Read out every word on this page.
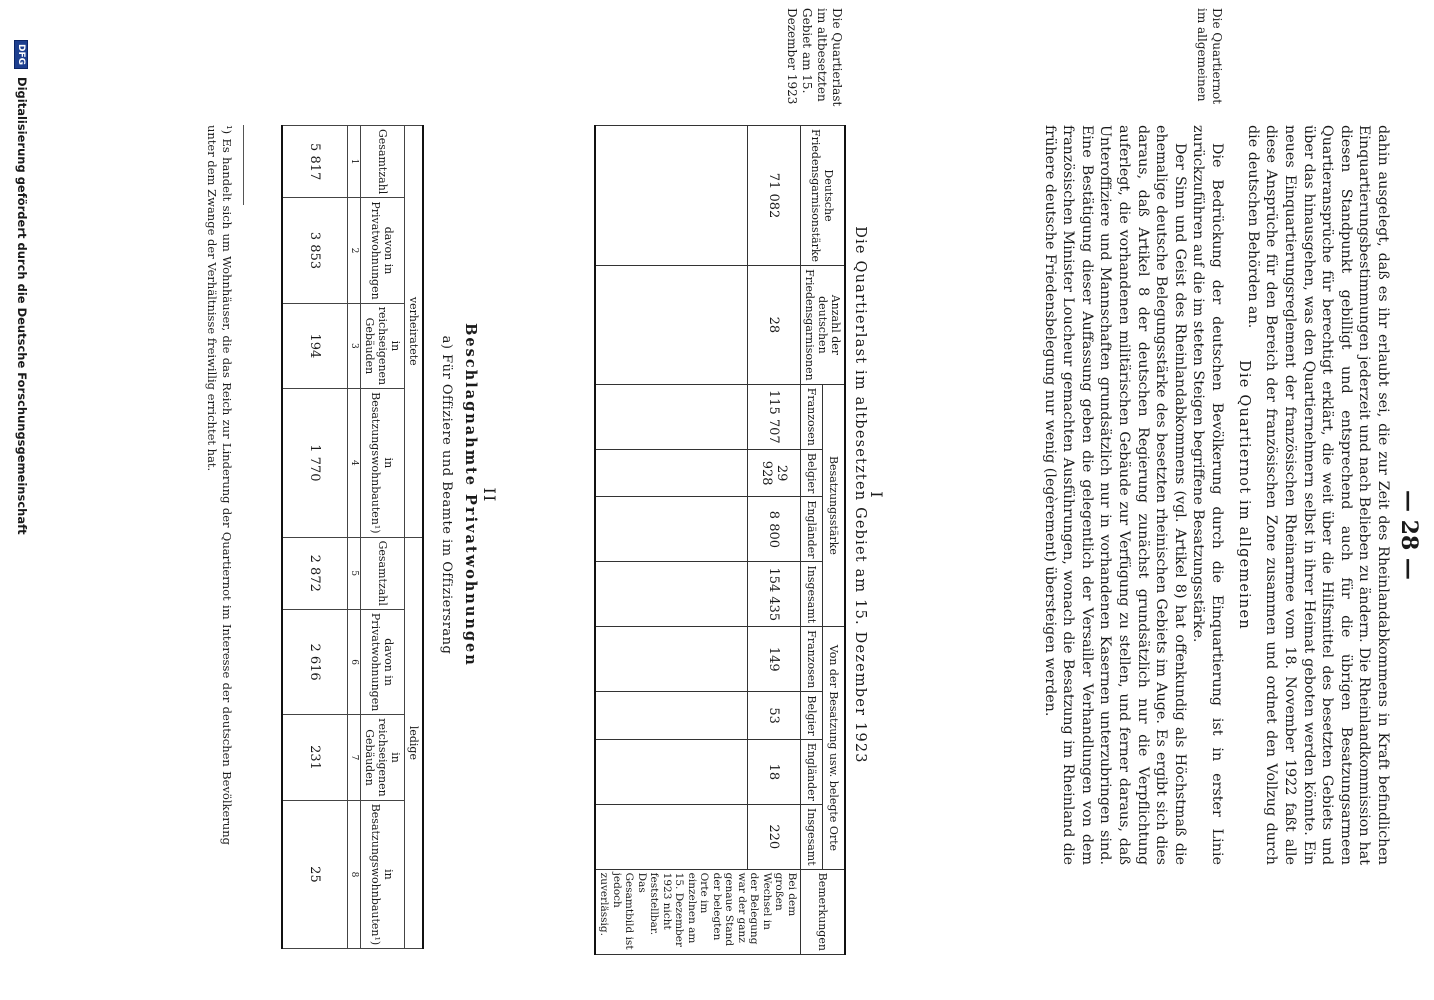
— 28 —

dahin ausgelegt, daß es ihr erlaubt sei, die zur Zeit des Rheinlandabkommens in Kraft befindlichen Einquartierungsbestimmungen jederzeit und nach Belieben zu ändern. Die Rheinlandkommission hat diesen Standpunkt gebilligt und entsprechend auch für die übrigen Besatzungsarmeen Quartieransprüche für berechtigt erklärt, die weit über die Hilfsmittel des besetzten Gebiets und über das hinausgehen, was den Quartiernehmern selbst in ihrer Heimat geboten werden könnte. Ein neues Einquartierungsreglement der französischen Rheinarmee vom 18. November 1922 faßt alle diese Ansprüche für den Bereich der französischen Zone zusammen und ordnet den Vollzug durch die deutschen Behörden an.

Die Quartiernot im allgemeinen
Die Quartiernot im allgemeinen

Die Bedrückung der deutschen Bevölkerung durch die Einquartierung ist in erster Linie zurückzuführen auf die im steten Steigen begriffene Besatzungsstärke.

Der Sinn und Geist des Rheinlandabkommens (vgl. Artikel 8) hat offenkundig als Höchstmaß die ehemalige deutsche Belegungsstärke des besetzten rheinischen Gebiets im Auge. Es ergibt sich dies daraus, daß Artikel 8 der deutschen Regierung zunächst grundsätzlich nur die Verpflichtung auferlegt, die vorhandenen militärischen Gebäude zur Verfügung zu stellen, und ferner daraus, daß Unteroffiziere und Mannschaften grundsätzlich nur in vorhandenen Kasernen unterzubringen sind. Eine Bestätigung dieser Auffassung geben die gelegentlich der Versailler Verhandlungen von dem französischen Minister Loucheur gemachten Ausführungen, wonach die Besatzung im Rheinland die frühere deutsche Friedensbelegung nur wenig (legèrement) übersteigen werden.

I
Die Quartierlast im altbesetzten Gebiet am 15. Dezember 1923
Die Quartierlast im altbesetzten Gebiet am 15. Dezember 1923
Deutsche Friedensgarnisonstärke	Anzahl der deutschen Friedensgarnisonen	Besatzungsstärke				Von der Besatzung usw. belegte Orte				Bemerkungen
		Franzosen	Belgier	Engländer	Insgesamt	Franzosen	Belgier	Engländer	Insgesamt	
71 082	28	115 707	29 928	8 800	154 435	149	53	18	220	Bei dem großen Wechsel in der Belegung war der ganz genaue Stand der belegten Orte im einzelnen am 15. Dezember 1923 nicht feststellbar. Das Gesamtbild ist jedoch zuverlässig.

II
Beschlagnahmte Privatwohnungen
a) Für Offiziere und Beamte im Offiziersrang
verheiratete				ledige			
Gesamtzahl	davon in Privatwohnungen	in reichseigenen Gebäuden	in Besatzungswohnbauten¹)	Gesamtzahl	davon in Privatwohnungen	in reichseigenen Gebäuden	in Besatzungswohnbauten¹)
1	2	3	4	5	6	7	8
5 817	3 853	194	1 770	2 872	2 616	231	25
¹) Es handelt sich um Wohnhäuser, die das Reich zur Linderung der Quartiernot im Interesse der deutschen Bevölkerung unter dem Zwange der Verhältnisse freiwillig errichtet hat.
DFG Digitalisierung gefördert durch die Deutsche Forschungsgemeinschaft
